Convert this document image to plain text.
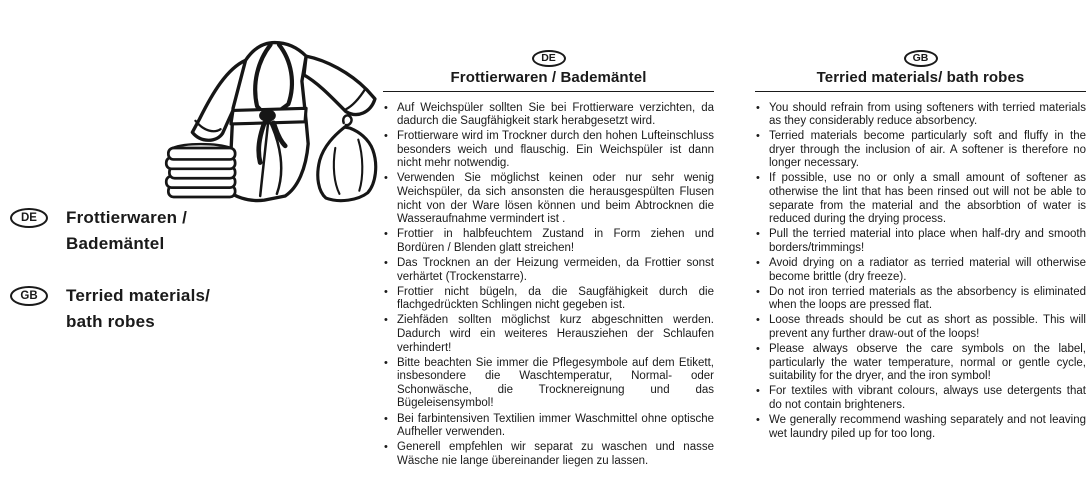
DE	Frottierwaren /
Bademäntel
GB	Terried materials/
bath robes
DE
Frottierwaren / Bademäntel
• Auf Weichspüler sollten Sie bei Frottierware verzichten, da dadurch die Saugfähigkeit stark herabgesetzt wird.
• Frottierware wird im Trockner durch den hohen Lufteinschluss besonders weich und flauschig. Ein Weichspüler ist dann nicht mehr notwendig.
• Verwenden Sie möglichst keinen oder nur sehr wenig Weichspüler, da sich ansonsten die herausgespülten Flusen nicht von der Ware lösen können und beim Abtrocknen die Wasseraufnahme vermindert ist .
• Frottier in halbfeuchtem Zustand in Form ziehen und Bordüren / Blenden glatt streichen!
• Das Trocknen an der Heizung vermeiden, da Frottier sonst verhärtet (Trockenstarre).
• Frottier nicht bügeln, da die Saugfähigkeit durch die flachgedrückten Schlingen nicht gegeben ist.
• Ziehfäden sollten möglichst kurz abgeschnitten werden. Dadurch wird ein weiteres Herausziehen der Schlaufen verhindert!
• Bitte beachten Sie immer die Pflegesymbole auf dem Etikett, insbesondere die Waschtemperatur, Normal- oder Schonwäsche, die Trocknereignung und das Bügeleisensymbol!
• Bei farbintensiven Textilien immer Waschmittel ohne optische Aufheller verwenden.
• Generell empfehlen wir separat zu waschen und nasse Wäsche nie lange übereinander liegen zu lassen.
GB
Terried materials/ bath robes
• You should refrain from using softeners with terried materials as they considerably reduce absorbency.
• Terried materials become particularly soft and fluffy in the dryer through the inclusion of air. A softener is therefore no longer necessary.
• If possible, use no or only a small amount of softener as otherwise the lint that has been rinsed out will not be able to separate from the material and the absorbtion of water is reduced during the drying process.
• Pull the terried material into place when half-dry and smooth borders/trimmings!
• Avoid drying on a radiator as terried material will otherwise become brittle (dry freeze).
• Do not iron terried materials as the absorbency is eliminated when the loops are pressed flat.
• Loose threads should be cut as short as possible. This will prevent any further draw-out of the loops!
• Please always observe the care symbols on the label, particularly the water temperature, normal or gentle cycle, suitability for the dryer, and the iron symbol!
• For textiles with vibrant colours, always use detergents that do not contain brighteners.
• We generally recommend washing separately and not leaving wet laundry piled up for too long.
